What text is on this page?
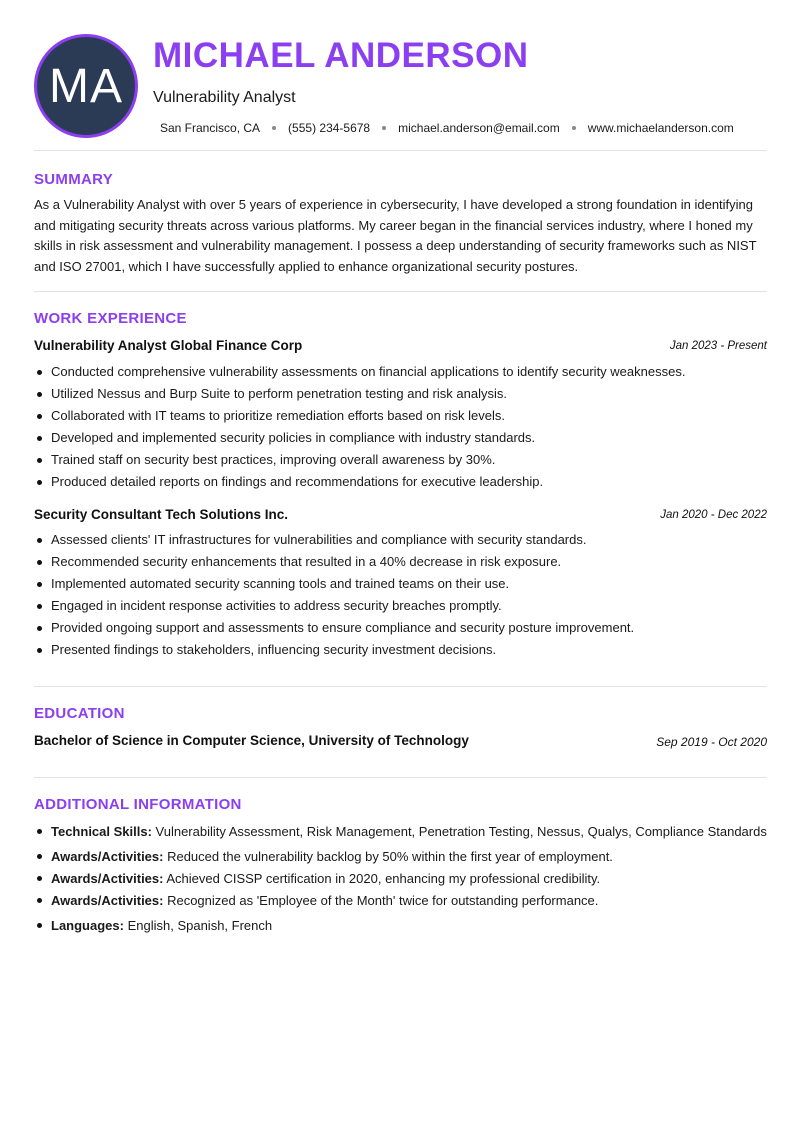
MA
MICHAEL ANDERSON
Vulnerability Analyst
San Francisco, CA (555) 234-5678 michael.anderson@email.com www.michaelanderson.com
SUMMARY
As a Vulnerability Analyst with over 5 years of experience in cybersecurity, I have developed a strong foundation in identifying and mitigating security threats across various platforms. My career began in the financial services industry, where I honed my skills in risk assessment and vulnerability management. I possess a deep understanding of security frameworks such as NIST and ISO 27001, which I have successfully applied to enhance organizational security postures.
WORK EXPERIENCE
Vulnerability Analyst Global Finance Corp	Jan 2023 - Present
Conducted comprehensive vulnerability assessments on financial applications to identify security weaknesses.
Utilized Nessus and Burp Suite to perform penetration testing and risk analysis.
Collaborated with IT teams to prioritize remediation efforts based on risk levels.
Developed and implemented security policies in compliance with industry standards.
Trained staff on security best practices, improving overall awareness by 30%.
Produced detailed reports on findings and recommendations for executive leadership.
Security Consultant Tech Solutions Inc.	Jan 2020 - Dec 2022
Assessed clients' IT infrastructures for vulnerabilities and compliance with security standards.
Recommended security enhancements that resulted in a 40% decrease in risk exposure.
Implemented automated security scanning tools and trained teams on their use.
Engaged in incident response activities to address security breaches promptly.
Provided ongoing support and assessments to ensure compliance and security posture improvement.
Presented findings to stakeholders, influencing security investment decisions.
EDUCATION
Bachelor of Science in Computer Science, University of Technology	Sep 2019 - Oct 2020
ADDITIONAL INFORMATION
Technical Skills: Vulnerability Assessment, Risk Management, Penetration Testing, Nessus, Qualys, Compliance Standards
Awards/Activities: Reduced the vulnerability backlog by 50% within the first year of employment.
Awards/Activities: Achieved CISSP certification in 2020, enhancing my professional credibility.
Awards/Activities: Recognized as 'Employee of the Month' twice for outstanding performance.
Languages: English, Spanish, French
